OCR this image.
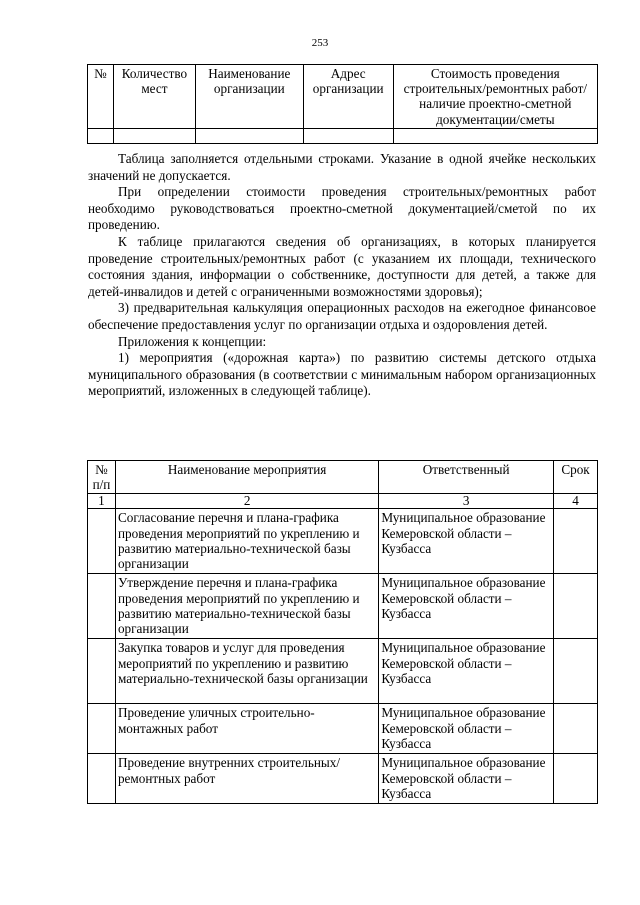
253
№	Количество мест	Наименование организации	Адрес организации	Стоимость проведения строительных/ремонтных работ/наличие проектно-сметной документации/сметы

Таблица заполняется отдельными строками. Указание в одной ячейке нескольких значений не допускается.

При определении стоимости проведения строительных/ремонтных работ необходимо руководствоваться проектно-сметной документацией/сметой по их проведению.

К таблице прилагаются сведения об организациях, в которых планируется проведение строительных/ремонтных работ (с указанием их площади, технического состояния здания, информации о собственнике, доступности для детей, а также для детей-инвалидов и детей с ограниченными возможностями здоровья);

3) предварительная калькуляция операционных расходов на ежегодное финансовое обеспечение предоставления услуг по организации отдыха и оздоровления детей.

Приложения к концепции:

1) мероприятия («дорожная карта») по развитию системы детского отдыха муниципального образования (в соответствии с минимальным набором организационных мероприятий, изложенных в следующей таблице).

№ п/п	Наименование мероприятия	Ответственный	Срок
1	2	3	4
	Согласование перечня и плана-графика проведения мероприятий по укреплению и развитию материально-технической базы организации	Муниципальное образование Кемеровской области – Кузбасса	
	Утверждение перечня и плана-графика проведения мероприятий по укреплению и развитию материально-технической базы организации	Муниципальное образование Кемеровской области – Кузбасса	
	Закупка товаров и услуг для проведения мероприятий по укреплению и развитию материально-технической базы организации	Муниципальное образование Кемеровской области – Кузбасса	
	Проведение уличных строительно-монтажных работ	Муниципальное образование Кемеровской области – Кузбасса	
	Проведение внутренних строительных/ремонтных работ	Муниципальное образование Кемеровской области – Кузбасса	
